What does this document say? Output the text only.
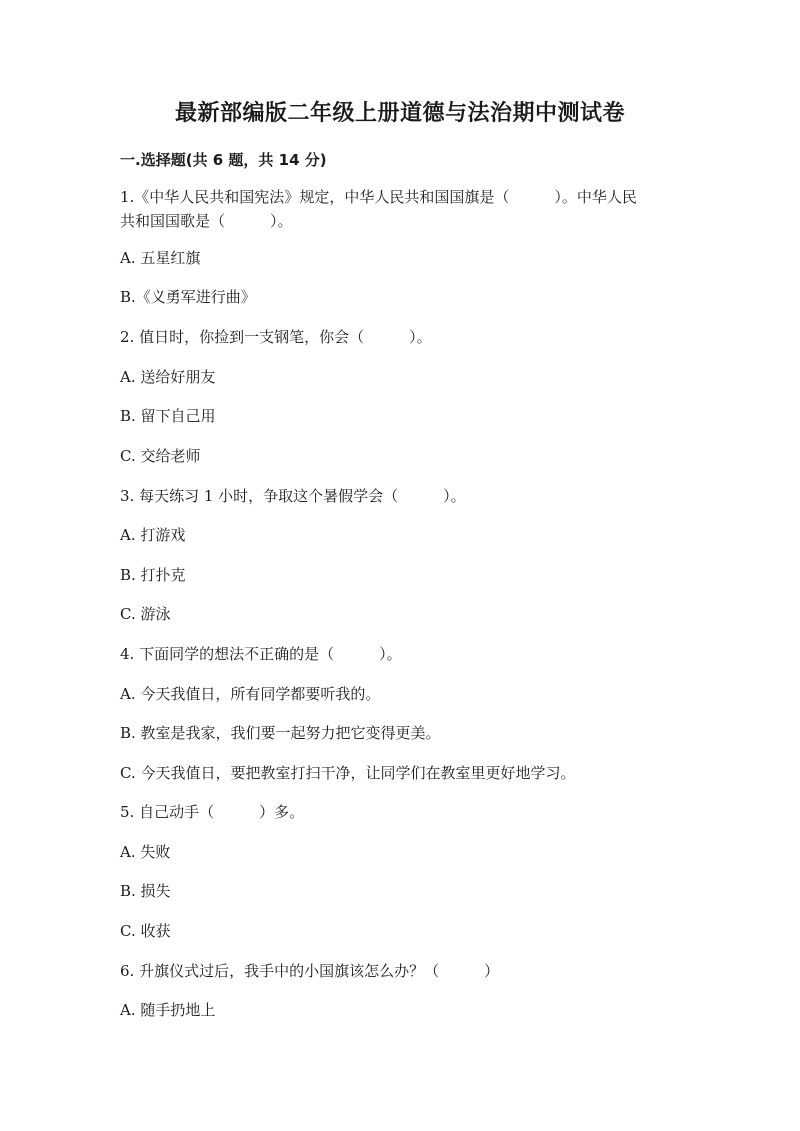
最新部编版二年级上册道德与法治期中测试卷
一.选择题(共 6 题，共 14 分)
1.《中华人民共和国宪法》规定，中华人民共和国国旗是（　　　）。中华人民
共和国国歌是（　　　）。
A. 五星红旗
B.《义勇军进行曲》
2. 值日时，你捡到一支钢笔，你会（　　　）。
A. 送给好朋友
B. 留下自己用
C. 交给老师
3. 每天练习 1 小时，争取这个暑假学会（　　　）。
A. 打游戏
B. 打扑克
C. 游泳
4. 下面同学的想法不正确的是（　　　）。
A. 今天我值日，所有同学都要听我的。
B. 教室是我家，我们要一起努力把它变得更美。
C. 今天我值日，要把教室打扫干净，让同学们在教室里更好地学习。
5. 自己动手（　　　）多。
A. 失败
B. 损失
C. 收获
6. 升旗仪式过后，我手中的小国旗该怎么办？（　　　）
A. 随手扔地上
